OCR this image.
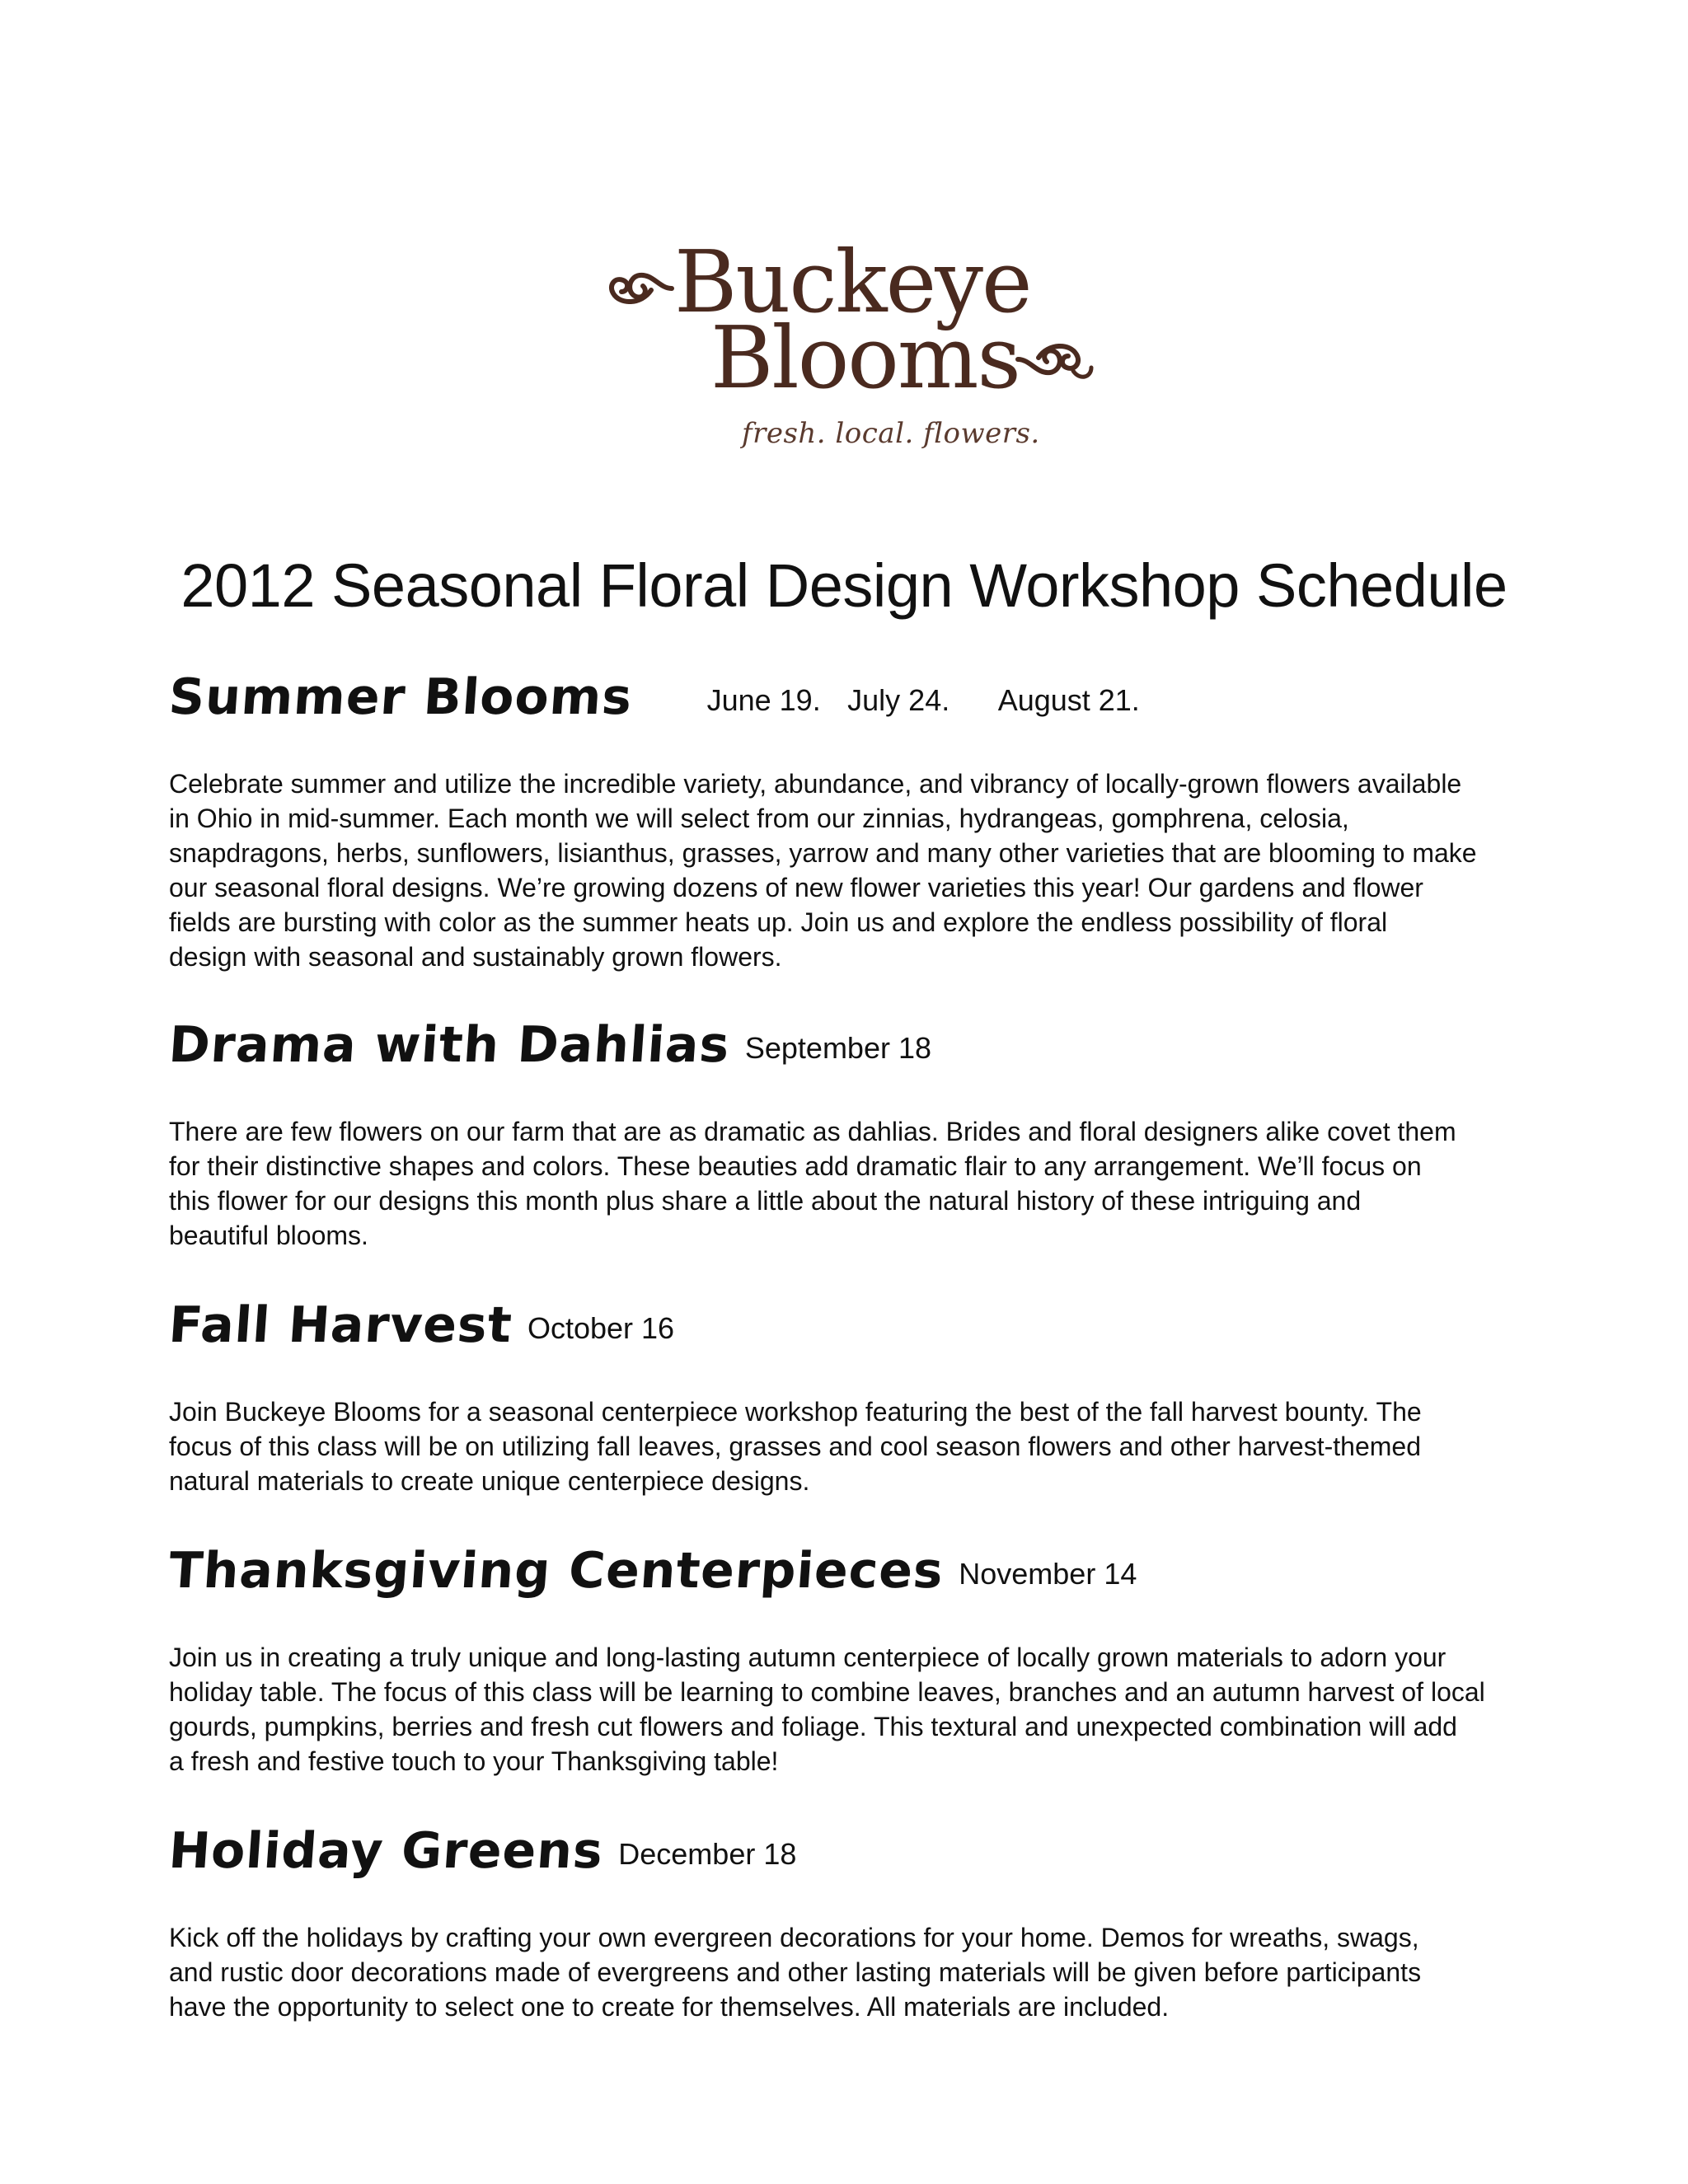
Buckeye
Blooms
fresh. local. flowers.
2012 Seasonal Floral Design Workshop Schedule
Summer Blooms June 19. July 24. August 21.
Celebrate summer and utilize the incredible variety, abundance, and vibrancy of locally-grown flowers available
in Ohio in mid-summer. Each month we will select from our zinnias, hydrangeas, gomphrena, celosia,
snapdragons, herbs, sunflowers, lisianthus, grasses, yarrow and many other varieties that are blooming to make
our seasonal floral designs. We’re growing dozens of new flower varieties this year! Our gardens and flower
fields are bursting with color as the summer heats up. Join us and explore the endless possibility of floral
design with seasonal and sustainably grown flowers.
Drama with Dahlias September 18
There are few flowers on our farm that are as dramatic as dahlias. Brides and floral designers alike covet them
for their distinctive shapes and colors. These beauties add dramatic flair to any arrangement. We’ll focus on
this flower for our designs this month plus share a little about the natural history of these intriguing and
beautiful blooms.
Fall Harvest October 16
Join Buckeye Blooms for a seasonal centerpiece workshop featuring the best of the fall harvest bounty. The
focus of this class will be on utilizing fall leaves, grasses and cool season flowers and other harvest-themed
natural materials to create unique centerpiece designs.
Thanksgiving Centerpieces November 14
Join us in creating a truly unique and long-lasting autumn centerpiece of locally grown materials to adorn your
holiday table. The focus of this class will be learning to combine leaves, branches and an autumn harvest of local
gourds, pumpkins, berries and fresh cut flowers and foliage. This textural and unexpected combination will add
a fresh and festive touch to your Thanksgiving table!
Holiday Greens December 18
Kick off the holidays by crafting your own evergreen decorations for your home. Demos for wreaths, swags,
and rustic door decorations made of evergreens and other lasting materials will be given before participants
have the opportunity to select one to create for themselves. All materials are included.
